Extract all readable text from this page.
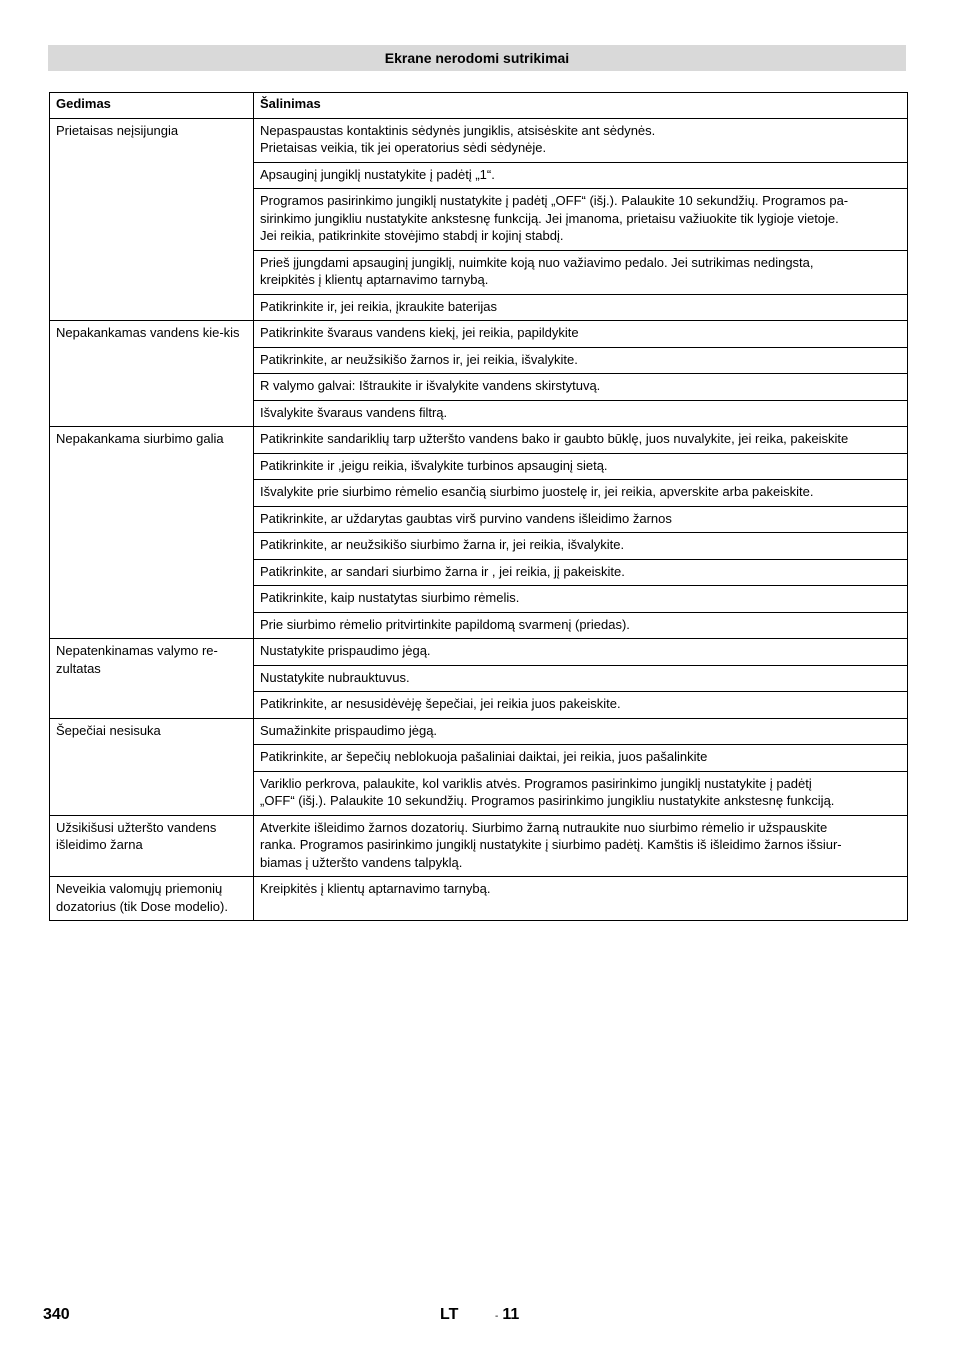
Ekrane nerodomi sutrikimai
Gedimas	Šalinimas
Prietaisas neįsijungia	Nepaspaustas kontaktinis sėdynės jungiklis, atsisėskite ant sėdynės.
Prietaisas veikia, tik jei operatorius sėdi sėdynėje.

	Apsauginį jungiklį nustatykite į padėtį „1“.

	Programos pasirinkimo jungiklį nustatykite į padėtį „OFF“ (išj.). Palaukite 10 sekundžių. Programos pa-
sirinkimo jungikliu nustatykite ankstesnę funkciją. Jei įmanoma, prietaisu važiuokite tik lygioje vietoje.
Jei reikia, patikrinkite stovėjimo stabdį ir kojinį stabdį.

	Prieš įjungdami apsauginį jungiklį, nuimkite koją nuo važiavimo pedalo. Jei sutrikimas nedingsta,
kreipkitės į klientų aptarnavimo tarnybą.

	Patikrinkite ir, jei reikia, įkraukite baterijas

Nepakankamas vandens kie-kis	Patikrinkite švaraus vandens kiekį, jei reikia, papildykite

	Patikrinkite, ar neužsikišo žarnos ir, jei reikia, išvalykite.

	R valymo galvai: Ištraukite ir išvalykite vandens skirstytuvą.

	Išvalykite švaraus vandens filtrą.

Nepakankama siurbimo galia	Patikrinkite sandariklių tarp užteršto vandens bako ir gaubto būklę, juos nuvalykite, jei reika, pakeiskite

	Patikrinkite ir ,jeigu reikia, išvalykite turbinos apsauginį sietą.

	Išvalykite prie siurbimo rėmelio esančią siurbimo juostelę ir, jei reikia, apverskite arba pakeiskite.

	Patikrinkite, ar uždarytas gaubtas virš purvino vandens išleidimo žarnos

	Patikrinkite, ar neužsikišo siurbimo žarna ir, jei reikia, išvalykite.

	Patikrinkite, ar sandari siurbimo žarna ir , jei reikia, jį pakeiskite.

	Patikrinkite, kaip nustatytas siurbimo rėmelis.

	Prie siurbimo rėmelio pritvirtinkite papildomą svarmenį (priedas).

Nepatenkinamas valymo re-zultatas	Nustatykite prispaudimo jėgą.

	Nustatykite nubrauktuvus.

	Patikrinkite, ar nesusidėvėję šepečiai, jei reikia juos pakeiskite.

Šepečiai nesisuka	Sumažinkite prispaudimo jėgą.

	Patikrinkite, ar šepečių neblokuoja pašaliniai daiktai, jei reikia, juos pašalinkite

	Variklio perkrova, palaukite, kol variklis atvės. Programos pasirinkimo jungiklį nustatykite į padėtį
„OFF“ (išj.). Palaukite 10 sekundžių. Programos pasirinkimo jungikliu nustatykite ankstesnę funkciją.

Užsikišusi užteršto vandens išleidimo žarna	Atverkite išleidimo žarnos dozatorių. Siurbimo žarną nutraukite nuo siurbimo rėmelio ir užspauskite
ranka. Programos pasirinkimo jungiklį nustatykite į siurbimo padėtį. Kamštis iš išleidimo žarnos išsiur-
biamas į užteršto vandens talpyklą.

Neveikia valomųjų priemonių dozatorius (tik Dose modelio).	Kreipkitės į klientų aptarnavimo tarnybą.
340	LT	- 11
